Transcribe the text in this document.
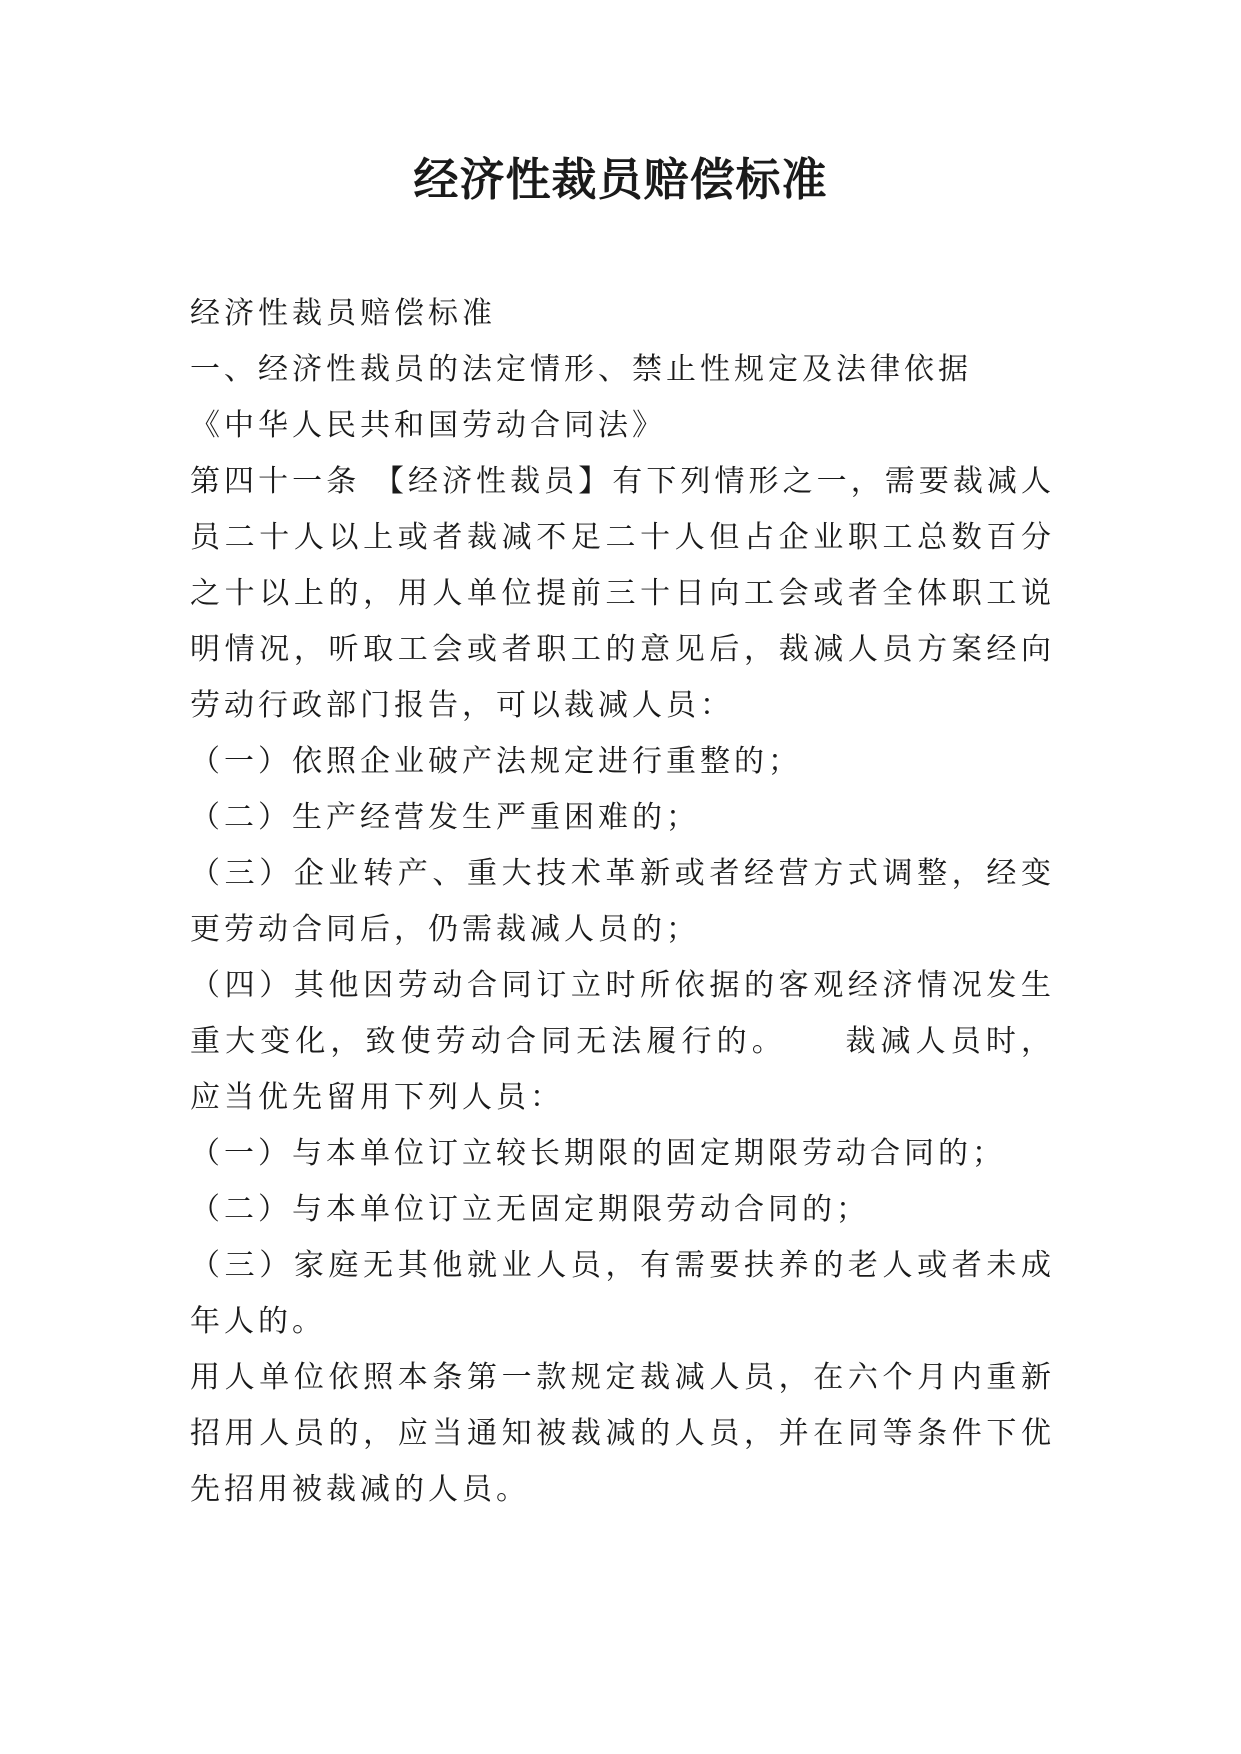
经济性裁员赔偿标准

经济性裁员赔偿标准

一、经济性裁员的法定情形、禁止性规定及法律依据

《中华人民共和国劳动合同法》

第四十一条 【经济性裁员】有下列情形之一，需要裁减人员二十人以上或者裁减不足二十人但占企业职工总数百分之十以上的，用人单位提前三十日向工会或者全体职工说明情况，听取工会或者职工的意见后，裁减人员方案经向劳动行政部门报告，可以裁减人员：

（一）依照企业破产法规定进行重整的；

（二）生产经营发生严重困难的；

（三）企业转产、重大技术革新或者经营方式调整，经变更劳动合同后，仍需裁减人员的；

（四）其他因劳动合同订立时所依据的客观经济情况发生重大变化，致使劳动合同无法履行的。    裁减人员时，应当优先留用下列人员：

（一）与本单位订立较长期限的固定期限劳动合同的；

（二）与本单位订立无固定期限劳动合同的；

（三）家庭无其他就业人员，有需要扶养的老人或者未成年人的。

用人单位依照本条第一款规定裁减人员，在六个月内重新招用人员的，应当通知被裁减的人员，并在同等条件下优先招用被裁减的人员。
